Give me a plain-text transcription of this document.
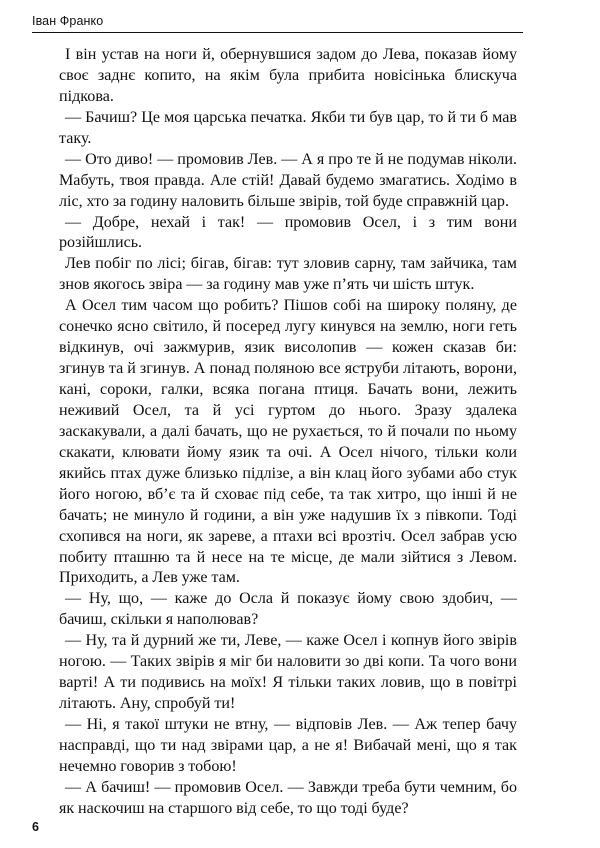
Іван Франко

І він устав на ноги й, обернувшися задом до Лева, показав йому своє заднє копито, на якім була прибита новісінька блискуча підкова.

— Бачиш? Це моя царська печатка. Якби ти був цар, то й ти б мав таку.

— Ото диво! — промовив Лев. — А я про те й не подумав ніколи. Мабуть, твоя правда. Але стій! Давай будемо змагатись. Ходімо в ліс, хто за годину наловить більше звірів, той буде справжній цар.

— Добре, нехай і так! — промовив Осел, і з тим вони розійшлись.

Лев побіг по лісі; бігав, бігав: тут зловив сарну, там зайчика, там знов якогось звіра — за годину мав уже п’ять чи шість штук.

А Осел тим часом що робить? Пішов собі на широку поляну, де сонечко ясно світило, й посеред лугу кинувся на землю, ноги геть відкинув, очі зажмурив, язик висолопив — кожен сказав би: згинув та й згинув. А понад поляною все яструби літають, ворони, кані, сороки, галки, всяка погана птиця. Бачать вони, лежить неживий Осел, та й усі гуртом до нього. Зразу здалека заскакували, а далі бачать, що не рухається, то й почали по ньому скакати, клювати йому язик та очі. А Осел нічого, тільки коли якийсь птах дуже близько підлізе, а він клац його зубами або стук його ногою, вб’є та й сховає під себе, та так хитро, що інші й не бачать; не минуло й години, а він уже надушив їх з півкопи. Тоді схопився на ноги, як зареве, а птахи всі врозтіч. Осел забрав усю побиту пташню та й несе на те місце, де мали зійтися з Левом. Приходить, а Лев уже там.

— Ну, що, — каже до Осла й показує йому свою здобич, — бачиш, скільки я наполював?

— Ну, та й дурний же ти, Леве, — каже Осел і копнув його звірів ногою. — Таких звірів я міг би наловити зо дві копи. Та чого вони варті! А ти подивись на моїх! Я тільки таких ловив, що в повітрі літають. Ану, спробуй ти!

— Ні, я такої штуки не втну, — відповів Лев. — Аж тепер бачу насправді, що ти над звірами цар, а не я! Вибачай мені, що я так нечемно говорив з тобою!

— А бачиш! — промовив Осел. — Завжди треба бути чемним, бо як наскочиш на старшого від себе, то що тоді буде?

6
